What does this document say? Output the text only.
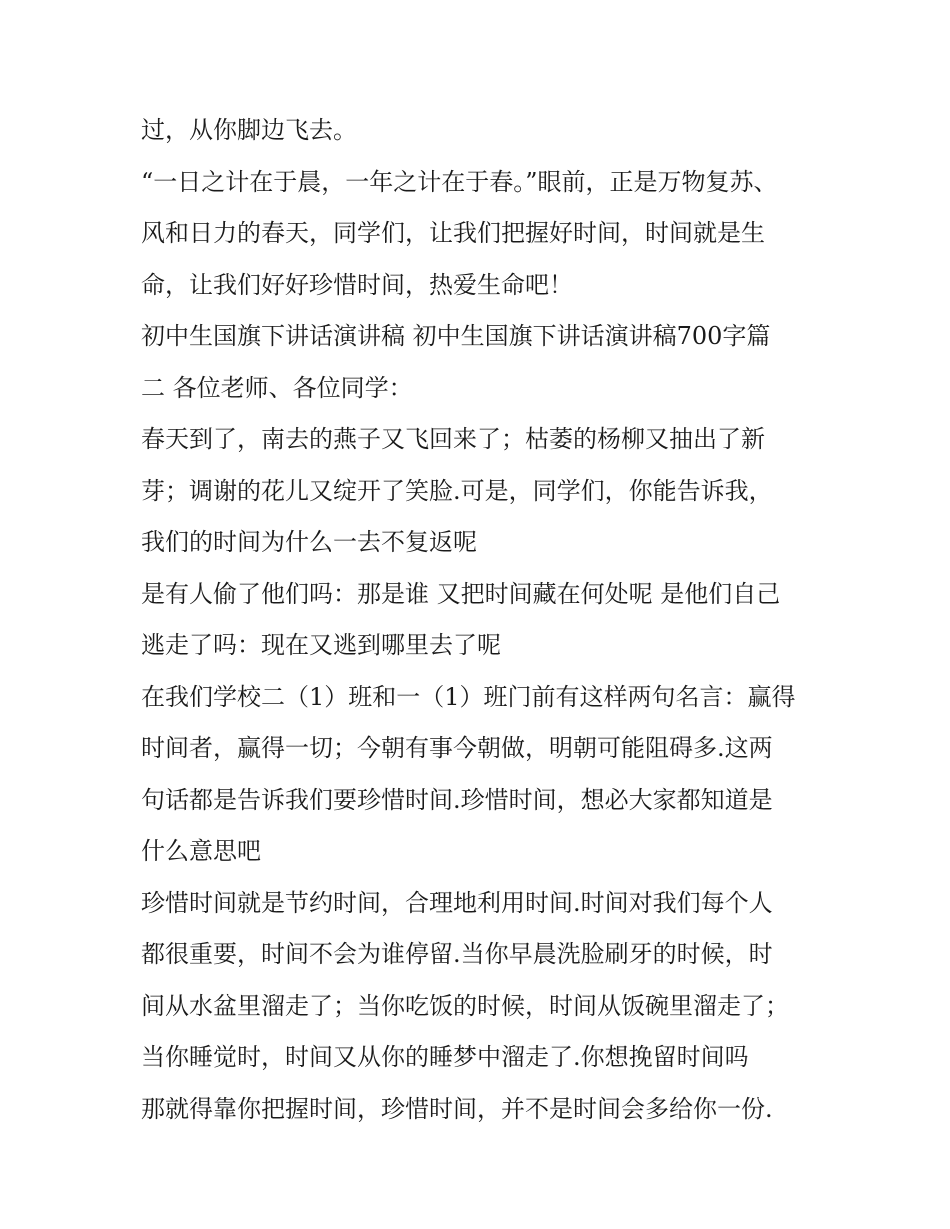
过，从你脚边飞去。
“一日之计在于晨，一年之计在于春。”眼前，正是万物复苏、
风和日力的春天，同学们，让我们把握好时间，时间就是生
命，让我们好好珍惜时间，热爱生命吧！
初中生国旗下讲话演讲稿 初中生国旗下讲话演讲稿700字篇
二 各位老师、各位同学：
春天到了，南去的燕子又飞回来了；枯萎的杨柳又抽出了新
芽；调谢的花儿又绽开了笑脸.可是，同学们，你能告诉我，
我们的时间为什么一去不复返呢
是有人偷了他们吗：那是谁 又把时间藏在何处呢 是他们自己
逃走了吗：现在又逃到哪里去了呢
在我们学校二（1）班和一（1）班门前有这样两句名言：赢得
时间者，赢得一切；今朝有事今朝做，明朝可能阻碍多.这两
句话都是告诉我们要珍惜时间.珍惜时间，想必大家都知道是
什么意思吧
珍惜时间就是节约时间，合理地利用时间.时间对我们每个人
都很重要，时间不会为谁停留.当你早晨洗脸刷牙的时候，时
间从水盆里溜走了；当你吃饭的时候，时间从饭碗里溜走了；
当你睡觉时，时间又从你的睡梦中溜走了.你想挽留时间吗
那就得靠你把握时间，珍惜时间，并不是时间会多给你一份.
